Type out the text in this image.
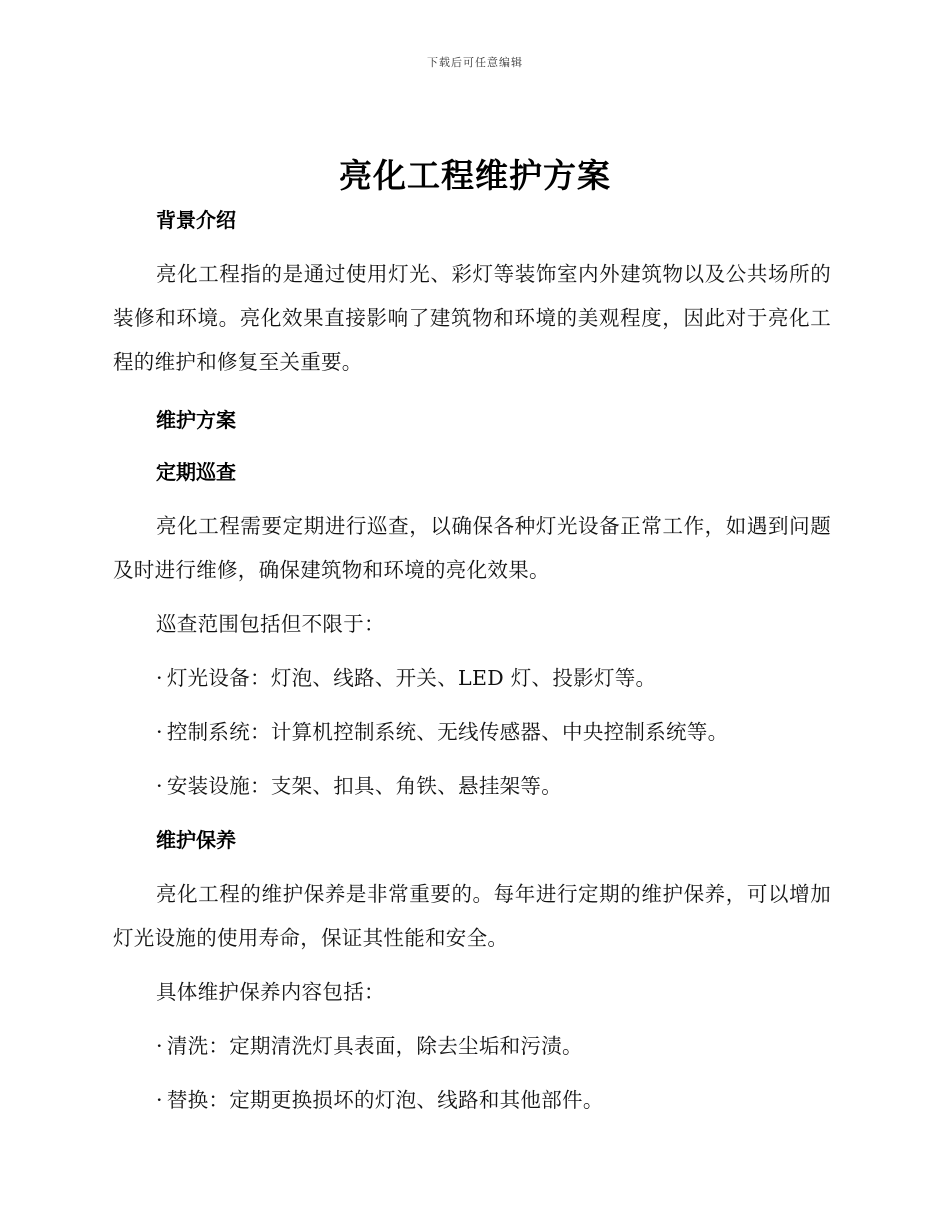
下载后可任意编辑
亮化工程维护方案
背景介绍
亮化工程指的是通过使用灯光、彩灯等装饰室内外建筑物以及公共场所的装修和环境。亮化效果直接影响了建筑物和环境的美观程度，因此对于亮化工程的维护和修复至关重要。
维护方案
定期巡查
亮化工程需要定期进行巡查，以确保各种灯光设备正常工作，如遇到问题及时进行维修，确保建筑物和环境的亮化效果。
巡查范围包括但不限于：
· 灯光设备：灯泡、线路、开关、LED 灯、投影灯等。
· 控制系统：计算机控制系统、无线传感器、中央控制系统等。
· 安装设施：支架、扣具、角铁、悬挂架等。
维护保养
亮化工程的维护保养是非常重要的。每年进行定期的维护保养，可以增加灯光设施的使用寿命，保证其性能和安全。
具体维护保养内容包括：
· 清洗：定期清洗灯具表面，除去尘垢和污渍。
· 替换：定期更换损坏的灯泡、线路和其他部件。
